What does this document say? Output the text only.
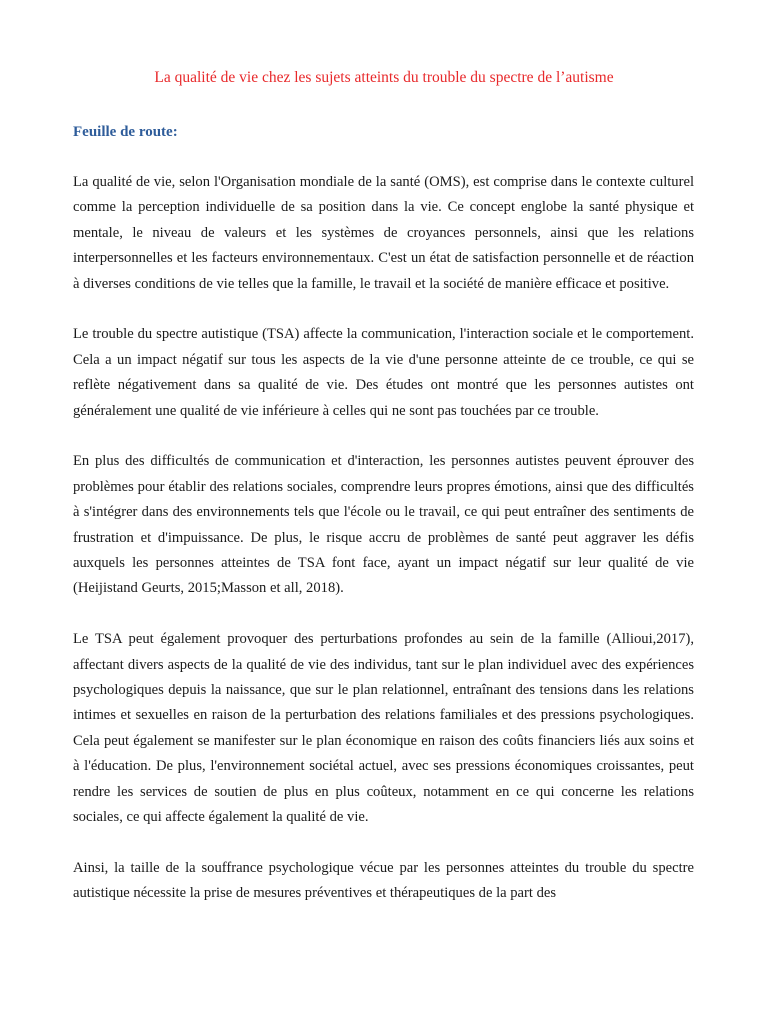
La qualité de vie chez les sujets atteints du trouble du spectre de l’autisme
Feuille de route:

La qualité de vie, selon l'Organisation mondiale de la santé (OMS), est comprise dans le contexte culturel comme la perception individuelle de sa position dans la vie. Ce concept englobe la santé physique et mentale, le niveau de valeurs et les systèmes de croyances personnels, ainsi que les relations interpersonnelles et les facteurs environnementaux. C'est un état de satisfaction personnelle et de réaction à diverses conditions de vie telles que la famille, le travail et la société de manière efficace et positive.

Le trouble du spectre autistique (TSA) affecte la communication, l'interaction sociale et le comportement. Cela a un impact négatif sur tous les aspects de la vie d'une personne atteinte de ce trouble, ce qui se reflète négativement dans sa qualité de vie. Des études ont montré que les personnes autistes ont généralement une qualité de vie inférieure à celles qui ne sont pas touchées par ce trouble.

En plus des difficultés de communication et d'interaction, les personnes autistes peuvent éprouver des problèmes pour établir des relations sociales, comprendre leurs propres émotions, ainsi que des difficultés à s'intégrer dans des environnements tels que l'école ou le travail, ce qui peut entraîner des sentiments de frustration et d'impuissance. De plus, le risque accru de problèmes de santé peut aggraver les défis auxquels les personnes atteintes de TSA font face, ayant un impact négatif sur leur qualité de vie (Heijistand Geurts, 2015;Masson et all, 2018).

Le TSA peut également provoquer des perturbations profondes au sein de la famille (Allioui,2017), affectant divers aspects de la qualité de vie des individus, tant sur le plan individuel avec des expériences psychologiques depuis la naissance, que sur le plan relationnel, entraînant des tensions dans les relations intimes et sexuelles en raison de la perturbation des relations familiales et des pressions psychologiques. Cela peut également se manifester sur le plan économique en raison des coûts financiers liés aux soins et à l'éducation. De plus, l'environnement sociétal actuel, avec ses pressions économiques croissantes, peut rendre les services de soutien de plus en plus coûteux, notamment en ce qui concerne les relations sociales, ce qui affecte également la qualité de vie.

Ainsi, la taille de la souffrance psychologique vécue par les personnes atteintes du trouble du spectre autistique nécessite la prise de mesures préventives et thérapeutiques de la part des
